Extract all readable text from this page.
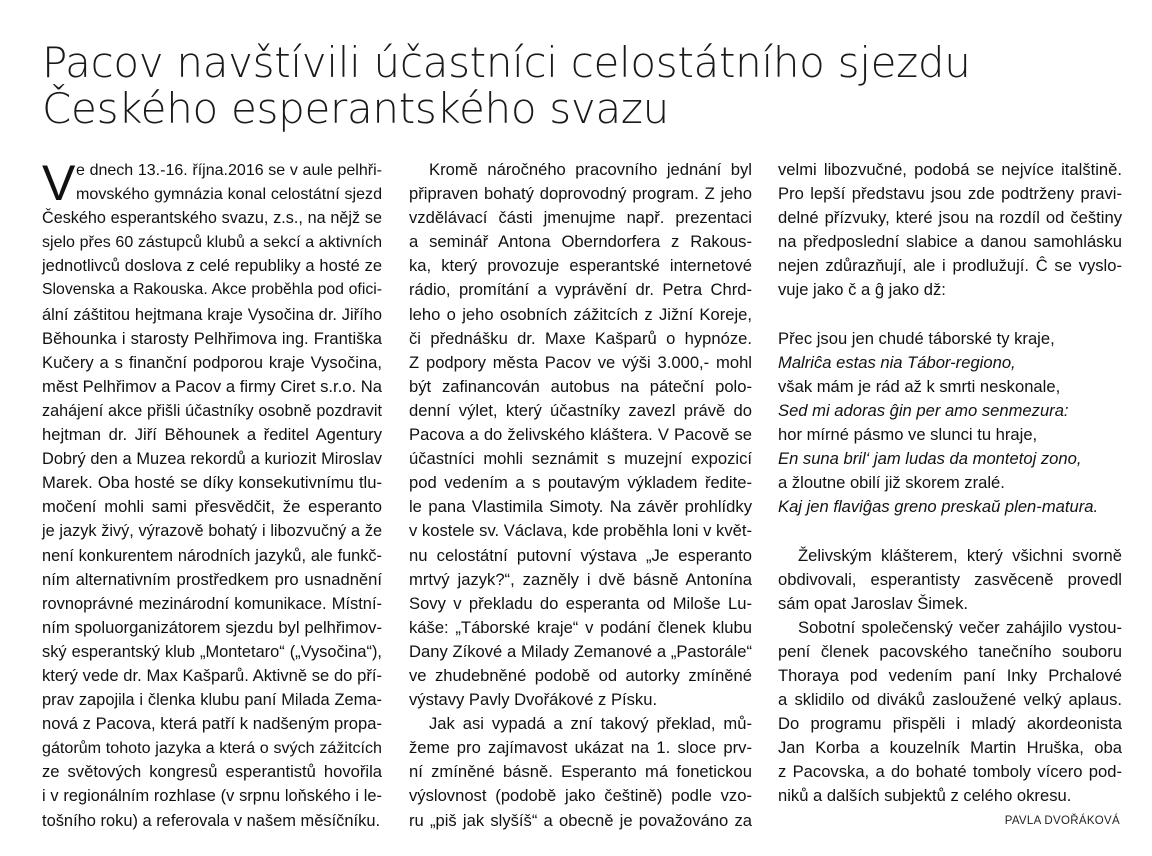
Pacov navštívili účastníci celostátního sjezdu
Českého esperantského svazu
V e dnech 13.-16. října.2016 se v aule pelhři-
movského gymnázia konal celostátní sjezd
Českého esperantského svazu, z.s., na nějž se
sjelo přes 60 zástupců klubů a sekcí a aktivních
jednotlivců doslova z celé republiky a hosté ze
Slovenska a Rakouska. Akce proběhla pod ofici-
ální záštitou hejtmana kraje Vysočina dr. Jiřího
Běhounka i starosty Pelhřimova ing. Františka
Kučery a s finanční podporou kraje Vysočina,
měst Pelhřimov a Pacov a firmy Ciret s.r.o. Na
zahájení akce přišli účastníky osobně pozdravit
hejtman dr. Jiří Běhounek a ředitel Agentury
Dobrý den a Muzea rekordů a kuriozit Miroslav
Marek. Oba hosté se díky konsekutivnímu tlu-
močení mohli sami přesvědčit, že esperanto
je jazyk živý, výrazově bohatý i libozvučný a že
není konkurentem národních jazyků, ale funkč-
ním alternativním prostředkem pro usnadnění
rovnoprávné mezinárodní komunikace. Místní-
ním spoluorganizátorem sjezdu byl pelhřimov-
ský esperantský klub „Montetaro“ („Vysočina“),
který vede dr. Max Kašparů. Aktivně se do pří-
prav zapojila i členka klubu paní Milada Zema-
nová z Pacova, která patří k nadšeným propa-
gátorům tohoto jazyka a která o svých zážitcích
ze světových kongresů esperantistů hovořila
i v regionálním rozhlase (v srpnu loňského i le-
tošního roku) a referovala v našem měsíčníku.
Kromě náročného pracovního jednání byl
připraven bohatý doprovodný program. Z jeho
vzdělávací části jmenujme např. prezentaci
a seminář Antona Oberndorfera z Rakous-
ka, který provozuje esperantské internetové
rádio, promítání a vyprávění dr. Petra Chrd-
leho o jeho osobních zážitcích z Jižní Koreje,
či přednášku dr. Maxe Kašparů o hypnóze.
Z podpory města Pacov ve výši 3.000,- mohl
být zafinancován autobus na páteční polo-
denní výlet, který účastníky zavezl právě do
Pacova a do želivského kláštera. V Pacově se
účastníci mohli seznámit s muzejní expozicí
pod vedením a s poutavým výkladem ředite-
le pana Vlastimila Simoty. Na závěr prohlídky
v kostele sv. Václava, kde proběhla loni v květ-
nu celostátní putovní výstava „Je esperanto
mrtvý jazyk?“, zazněly i dvě básně Antonína
Sovy v překladu do esperanta od Miloše Lu-
káše: „Táborské kraje“ v podání členek klubu
Dany Zíkové a Milady Zemanové a „Pastorále“
ve zhudebněné podobě od autorky zmíněné
výstavy Pavly Dvořákové z Písku.
Jak asi vypadá a zní takový překlad, mů-
žeme pro zajímavost ukázat na 1. sloce prv-
ní zmíněné básně. Esperanto má fonetickou
výslovnost (podobě jako češtině) podle vzo-
ru „piš jak slyšíš“ a obecně je považováno za
velmi libozvučné, podobá se nejvíce italštině.
Pro lepší představu jsou zde podtrženy pravi-
delné přízvuky, které jsou na rozdíl od češtiny
na předposlední slabice a danou samohlásku
nejen zdůrazňují, ale i prodlužují. Ĉ se vyslo-
vuje jako č a ĝ jako dž:
Přec jsou jen chudé táborské ty kraje,
Malriĉa estas nia Tábor-regiono,
však mám je rád až k smrti neskonale,
Sed mi adoras ĝin per amo senmezura:
hor mírné pásmo ve slunci tu hraje,
En suna bril‘ jam ludas da montetoj zono,
a žloutne obilí již skorem zralé.
Kaj jen flaviĝas greno preskaŭ plen-matura.
Želivským klášterem, který všichni svorně
obdivovali, esperantisty zasvěceně provedl
sám opat Jaroslav Šimek.
Sobotní společenský večer zahájilo vystou-
pení členek pacovského tanečního souboru
Thoraya pod vedením paní Inky Prchalové
a sklidilo od diváků zasloužené velký aplaus.
Do programu přispěli i mladý akordeonista
Jan Korba a kouzelník Martin Hruška, oba
z Pacovska, a do bohaté tomboly vícero pod-
niků a dalších subjektů z celého okresu.
PAVLA DVOŘÁKOVÁ
